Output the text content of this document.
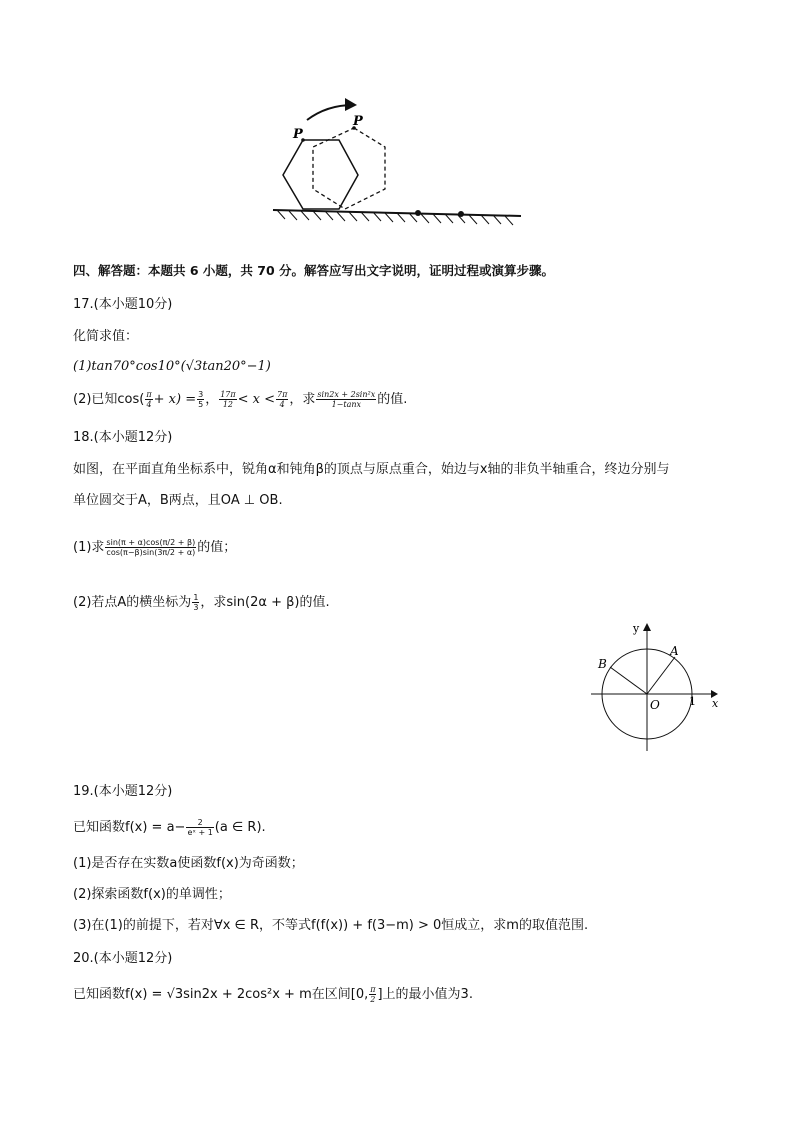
P
P
四、解答题：本题共 6 小题，共 70 分。解答应写出文字说明，证明过程或演算步骤。
17.(本小题10分)
化简求值：
(1)tan70°cos10°(√3tan20°−1)
(2)已知$\cos( \frac{\pi}{4} + x) = \frac{3}{5}$ ， $\frac{17\pi}{12} < x < \frac{7\pi}{4}$ ，求 $\frac{\text{sin2x + 2sin²x}}{1-\tan x}$ 的值.
18.(本小题12分)
如图，在平面直角坐标系中，锐角α和钝角β的顶点与原点重合，始边与x轴的非负半轴重合，终边分别与
单位圆交于A，B两点，且OA ⊥ OB.
(1)求 $\frac{\sin(\pi + \alpha)\cos(\pi/2 + \beta)}{\cos(\pi-\beta)\sin(3\pi/2 + \alpha)}$ 的值；
(2)若点A的横坐标为 $\frac{1}{3}$ ，求sin(2α + β)的值.
y
x
A
B
O	1
19.(本小题12分)
已知函数$f(x) = a- \frac{2}{\text{eˣ + 1}} (a$ ∈ R).
(1)是否存在实数a使函数f(x)为奇函数；
(2)探索函数f(x)的单调性；
(3)在(1)的前提下，若对∀x ∈ R，不等式f(f(x)) + f(3−m) > 0恒成立，求m的取值范围.
20.(本小题12分)
已知函数f(x) = √3sin2x + 2cos²x + m在区间[0, $\frac{\pi}{2}$ ]上的最小值为3.
